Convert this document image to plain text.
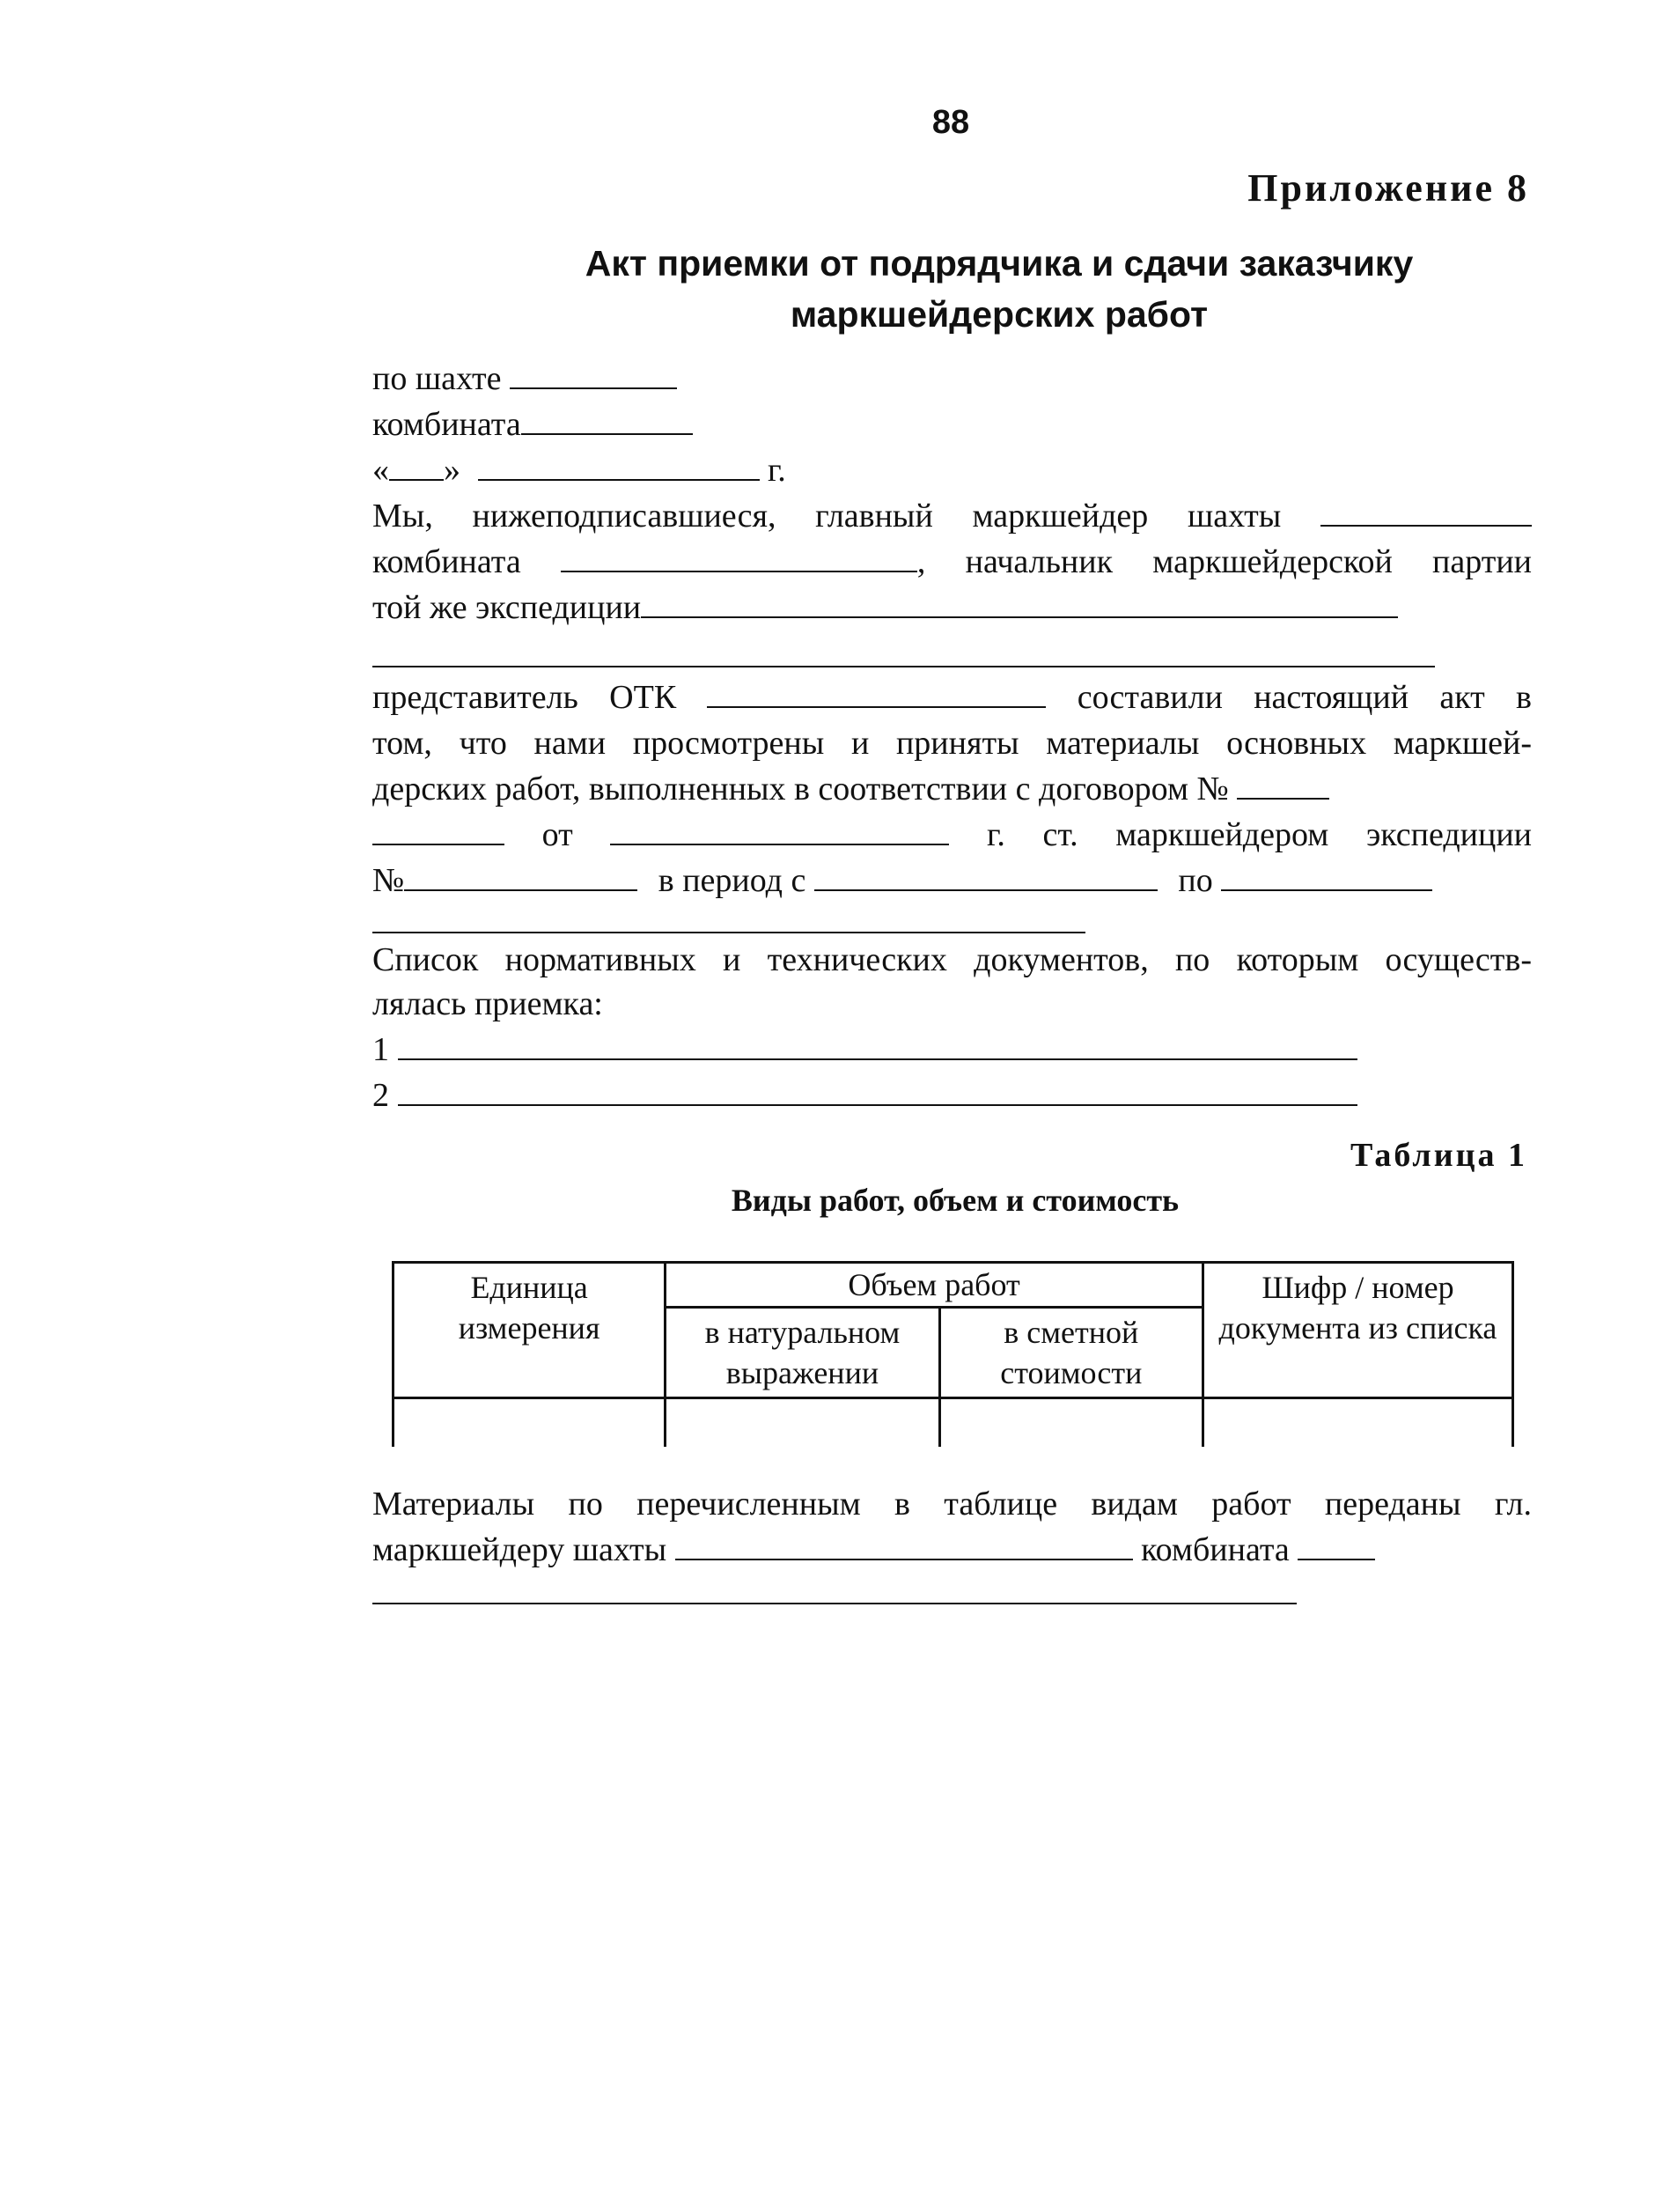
88
Приложение 8
Акт приемки от подрядчика и сдачи заказчику
маркшейдерских работ
по шахте
комбината
« »	г.
Мы, нижеподписавшиеся, главный маркшейдер шахты
комбината	, начальник маркшейдерской партии
той же экспедиции
представитель ОТК	составили настоящий акт в
том, что нами просмотрены и приняты материалы основных маркшей-
дерских работ, выполненных в соответствии с договором №
от	г. ст. маркшейдером экспедиции
№	в период с	по
Список нормативных и технических документов, по которым осуществ-
лялась приемка:
1
2
Таблица 1
Виды работ, объем и стоимость
Единица измерения	Объем работ		Шифр / номер документа из списка
	в натуральном выражении	в сметной стоимости	

Материалы по перечисленным в таблице видам работ переданы гл.
маркшейдеру шахты	комбината
